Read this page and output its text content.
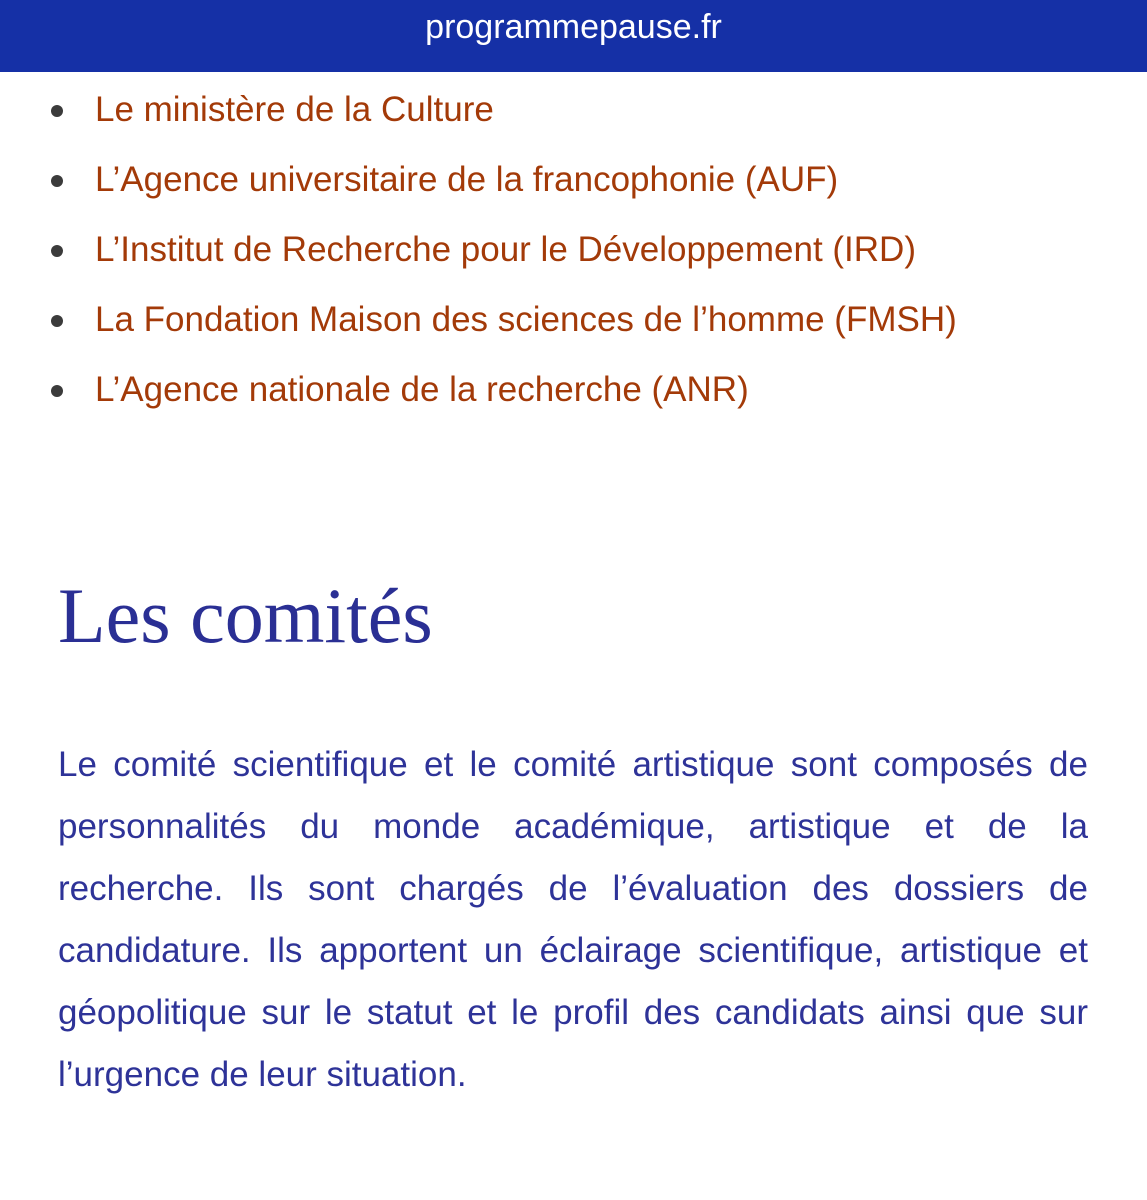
programmepause.fr
Le ministère de la Culture
L’Agence universitaire de la francophonie (AUF)
L’Institut de Recherche pour le Développement (IRD)
La Fondation Maison des sciences de l’homme (FMSH)
L’Agence nationale de la recherche (ANR)
Les comités

Le comité scientifique et le comité artistique sont composés de personnalités du monde académique, artistique et de la recherche. Ils sont chargés de l’évaluation des dossiers de candidature. Ils apportent un éclairage scientifique, artistique et géopolitique sur le statut et le profil des candidats ainsi que sur l’urgence de leur situation.
